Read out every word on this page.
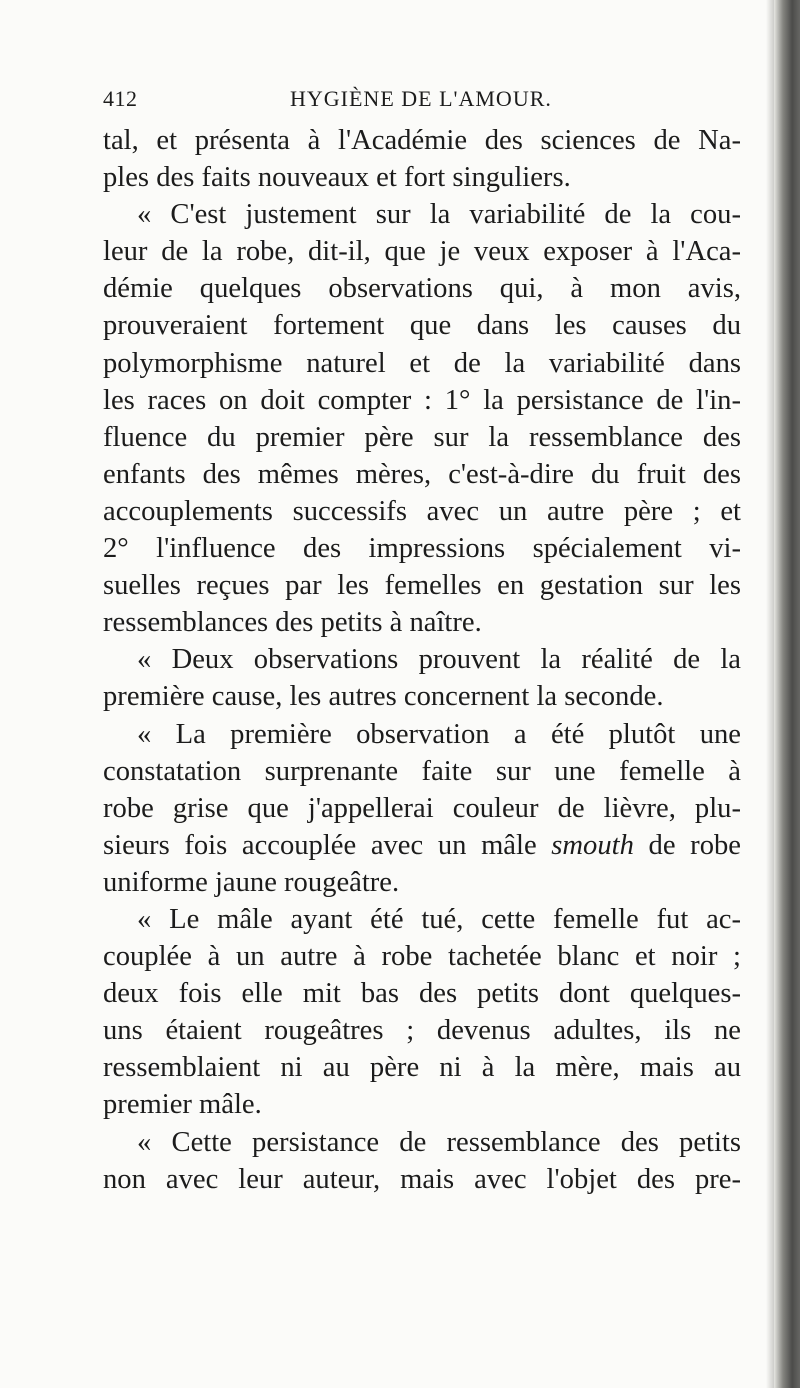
412	HYGIÈNE DE L'AMOUR.
tal, et présenta à l'Académie des sciences de Na-
ples des faits nouveaux et fort singuliers.
« C'est justement sur la variabilité de la cou-
leur de la robe, dit-il, que je veux exposer à l'Aca-
démie quelques observations qui, à mon avis,
prouveraient fortement que dans les causes du
polymorphisme naturel et de la variabilité dans
les races on doit compter : 1° la persistance de l'in-
fluence du premier père sur la ressemblance des
enfants des mêmes mères, c'est-à-dire du fruit des
accouplements successifs avec un autre père ; et
2° l'influence des impressions spécialement vi-
suelles reçues par les femelles en gestation sur les
ressemblances des petits à naître.
« Deux observations prouvent la réalité de la
première cause, les autres concernent la seconde.
« La première observation a été plutôt une
constatation surprenante faite sur une femelle à
robe grise que j'appellerai couleur de lièvre, plu-
sieurs fois accouplée avec un mâle smouth de robe
uniforme jaune rougeâtre.
« Le mâle ayant été tué, cette femelle fut ac-
couplée à un autre à robe tachetée blanc et noir ;
deux fois elle mit bas des petits dont quelques-
uns étaient rougeâtres ; devenus adultes, ils ne
ressemblaient ni au père ni à la mère, mais au
premier mâle.
« Cette persistance de ressemblance des petits
non avec leur auteur, mais avec l'objet des pre-
